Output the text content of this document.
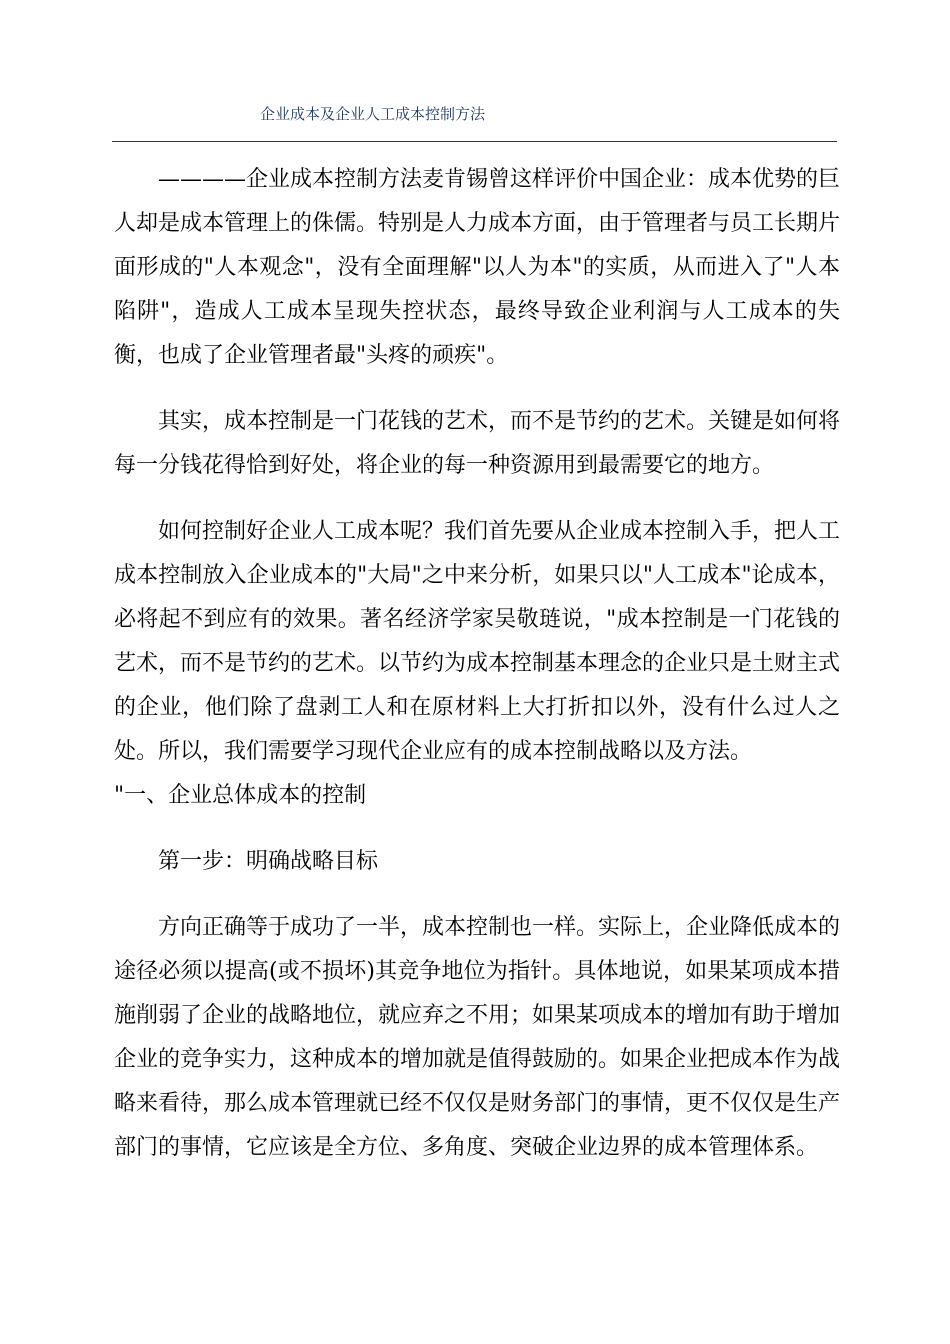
企业成本及企业人工成本控制方法

————企业成本控制方法麦肯锡曾这样评价中国企业：成本优势的巨人却是成本管理上的侏儒。特别是人力成本方面，由于管理者与员工长期片面形成的"人本观念"，没有全面理解"以人为本"的实质，从而进入了"人本陷阱"，造成人工成本呈现失控状态，最终导致企业利润与人工成本的失衡，也成了企业管理者最"头疼的顽疾"。

其实，成本控制是一门花钱的艺术，而不是节约的艺术。关键是如何将每一分钱花得恰到好处，将企业的每一种资源用到最需要它的地方。

如何控制好企业人工成本呢？我们首先要从企业成本控制入手，把人工成本控制放入企业成本的"大局"之中来分析，如果只以"人工成本"论成本，必将起不到应有的效果。著名经济学家吴敬琏说，"成本控制是一门花钱的艺术，而不是节约的艺术。以节约为成本控制基本理念的企业只是土财主式的企业，他们除了盘剥工人和在原材料上大打折扣以外，没有什么过人之处。所以，我们需要学习现代企业应有的成本控制战略以及方法。

"一、企业总体成本的控制

第一步：明确战略目标

方向正确等于成功了一半，成本控制也一样。实际上，企业降低成本的途径必须以提高(或不损坏)其竞争地位为指针。具体地说，如果某项成本措施削弱了企业的战略地位，就应弃之不用；如果某项成本的增加有助于增加企业的竞争实力，这种成本的增加就是值得鼓励的。如果企业把成本作为战略来看待，那么成本管理就已经不仅仅是财务部门的事情，更不仅仅是生产部门的事情，它应该是全方位、多角度、突破企业边界的成本管理体系。
